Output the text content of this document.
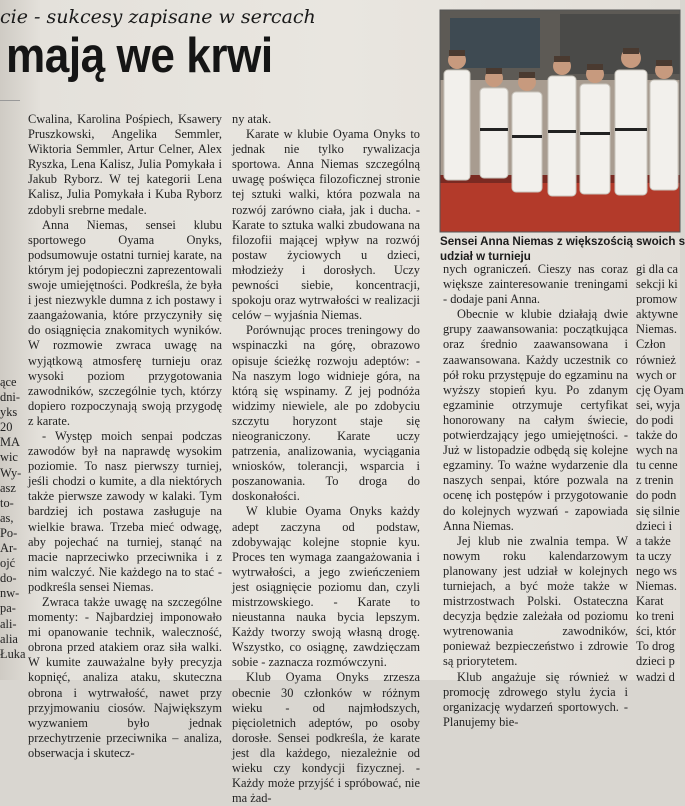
cie - sukcesy zapisane w sercach
mają we krwi
ące
dni-
yks
20
MA
wic
Wy-
asz
to-
as,
Po-
Ar-
ojć
do-
nw-
pa-
ali-
alia
Łuka

Cwalina, Karolina Pośpiech, Ksawery Pruszkowski, Angelika Semmler, Wiktoria Semmler, Artur Celner, Alex Ryszka, Lena Kalisz, Julia Pomykała i Jakub Ryborz. W tej kategorii Lena Kalisz, Julia Pomykała i Kuba Ryborz zdobyli srebrne medale.

Anna Niemas, sensei klubu sportowego Oyama Onyks, podsumowuje ostatni turniej karate, na którym jej podopieczni zaprezentowali swoje umiejętności. Podkreśla, że była i jest niezwykle dumna z ich postawy i zaangażowania, które przyczyniły się do osiągnięcia znakomitych wyników. W rozmowie zwraca uwagę na wyjątkową atmosferę turnieju oraz wysoki poziom przygotowania zawodników, szczególnie tych, którzy dopiero rozpoczynają swoją przygodę z karate.

- Występ moich senpai podczas zawodów był na naprawdę wysokim poziomie. To nasz pierwszy turniej, jeśli chodzi o kumite, a dla niektórych także pierwsze zawody w kalaki. Tym bardziej ich postawa zasługuje na wielkie brawa. Trzeba mieć odwagę, aby pojechać na turniej, stanąć na macie naprzeciwko przeciwnika i z nim walczyć. Nie każdego na to stać - podkreśla sensei Niemas.

Zwraca także uwagę na szczególne momenty: - Najbardziej imponowało mi opanowanie technik, waleczność, obrona przed atakiem oraz siła walki. W kumite zauważalne były precyzja kopnięć, analiza ataku, skuteczna obrona i wytrwałość, nawet przy przyjmowaniu ciosów. Największym wyzwaniem było jednak przechytrzenie przeciwnika – analiza, obserwacja i skutecz-

ny atak.

Karate w klubie Oyama Onyks to jednak nie tylko rywalizacja sportowa. Anna Niemas szczególną uwagę poświęca filozoficznej stronie tej sztuki walki, która pozwala na rozwój zarówno ciała, jak i ducha. - Karate to sztuka walki zbudowana na filozofii mającej wpływ na rozwój postaw życiowych u dzieci, młodzieży i dorosłych. Uczy pewności siebie, koncentracji, spokoju oraz wytrwałości w realizacji celów – wyjaśnia Niemas.

Porównując proces treningowy do wspinaczki na górę, obrazowo opisuje ścieżkę rozwoju adeptów: - Na naszym logo widnieje góra, na którą się wspinamy. Z jej podnóża widzimy niewiele, ale po zdobyciu szczytu horyzont staje się nieograniczony. Karate uczy patrzenia, analizowania, wyciągania wniosków, tolerancji, wsparcia i poszanowania. To droga do doskonałości.

W klubie Oyama Onyks każdy adept zaczyna od podstaw, zdobywając kolejne stopnie kyu. Proces ten wymaga zaangażowania i wytrwałości, a jego zwieńczeniem jest osiągnięcie poziomu dan, czyli mistrzowskiego. - Karate to nieustanna nauka bycia lepszym. Każdy tworzy swoją własną drogę. Wszystko, co osiągnę, zawdzięczam sobie - zaznacza rozmówczyni.

Klub Oyama Onyks zrzesza obecnie 30 członków w różnym wieku - od najmłodszych, pięcioletnich adeptów, po osoby dorosłe. Sensei podkreśla, że karate jest dla każdego, niezależnie od wieku czy kondycji fizycznej. - Każdy może przyjść i spróbować, nie ma żad-

Sensei Anna Niemas z większością swoich s
udział w turnieju

nych ograniczeń. Cieszy nas coraz większe zainteresowanie treningami - dodaje pani Anna.

Obecnie w klubie działają dwie grupy zaawansowania: początkująca oraz średnio zaawansowana i zaawansowana. Każdy uczestnik co pół roku przystępuje do egzaminu na wyższy stopień kyu. Po zdanym egzaminie otrzymuje certyfikat honorowany na całym świecie, potwierdzający jego umiejętności. - Już w listopadzie odbędą się kolejne egzaminy. To ważne wydarzenie dla naszych senpai, które pozwala na ocenę ich postępów i przygotowanie do kolejnych wyzwań - zapowiada Anna Niemas.

Jej klub nie zwalnia tempa. W nowym roku kalendarzowym planowany jest udział w kolejnych turniejach, a być może także w mistrzostwach Polski. Ostateczna decyzja będzie zależała od poziomu wytrenowania zawodników, ponieważ bezpieczeństwo i zdrowie są priorytetem.

Klub angażuje się również w promocję zdrowego stylu życia i organizację wydarzeń sportowych. - Planujemy bie-

gi dla ca
sekcji ki
promow
aktywne
Niemas.
Człon
również
wych or
cję Oyam
sei, wyja
do podi
także do
wych na
tu cenne
z trenin
do podn
się silnie
dzieci i
a także
ta uczy
nego ws
Niemas.
Karat
ko treni
ści, któr
To drog
dzieci p
wadzi d
